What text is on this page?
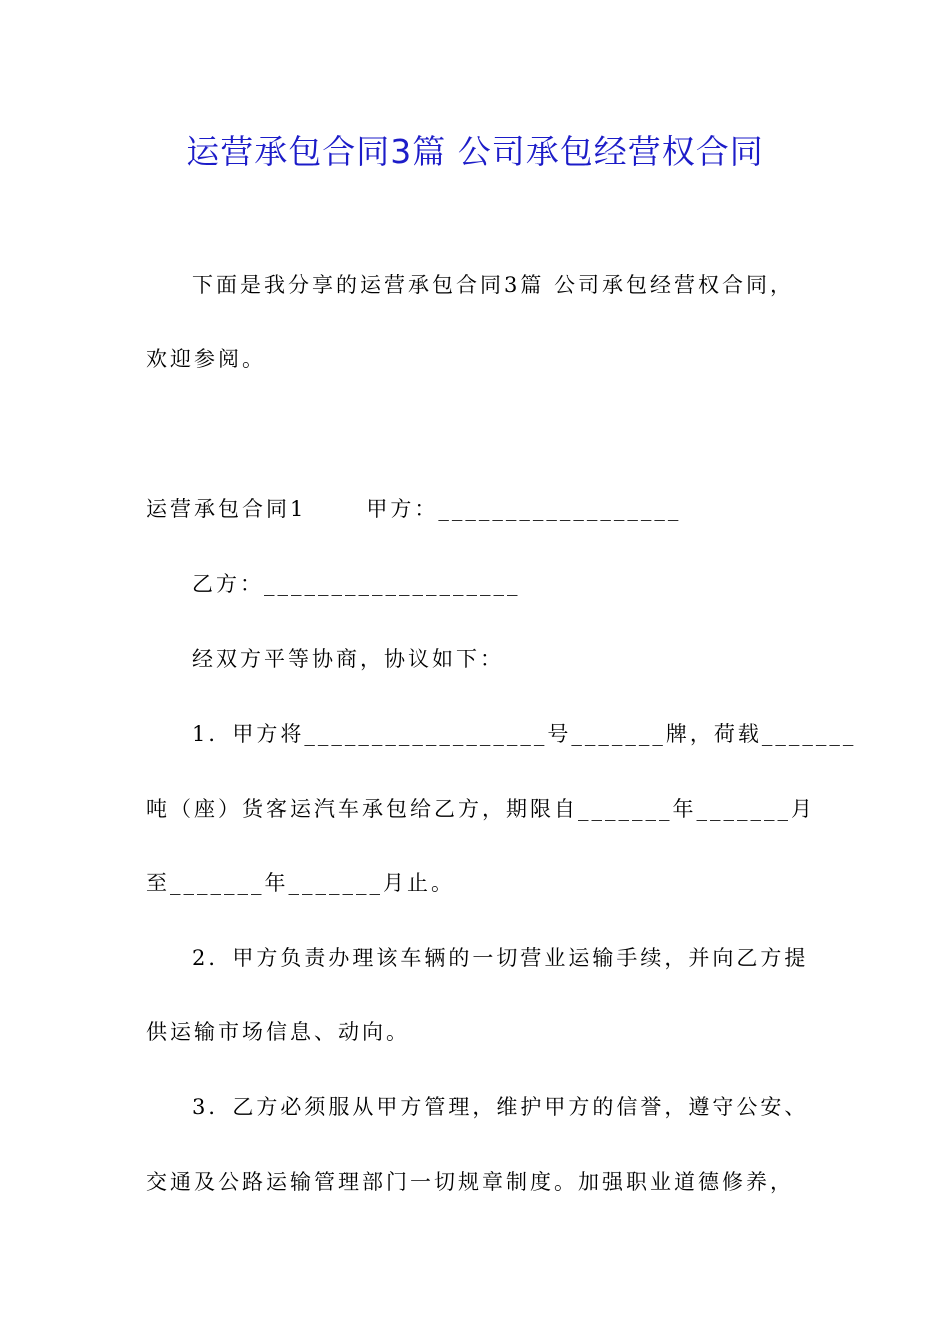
运营承包合同3篇 公司承包经营权合同
下面是我分享的运营承包合同3篇 公司承包经营权合同，
欢迎参阅。
运营承包合同1	甲方：__________________
乙方：___________________
经双方平等协商，协议如下：
1．甲方将__________________号_______牌，荷载_______
吨（座）货客运汽车承包给乙方，期限自_______年_______月
至_______年_______月止。
2．甲方负责办理该车辆的一切营业运输手续，并向乙方提
供运输市场信息、动向。
3．乙方必须服从甲方管理，维护甲方的信誉，遵守公安、
交通及公路运输管理部门一切规章制度。加强职业道德修养，
